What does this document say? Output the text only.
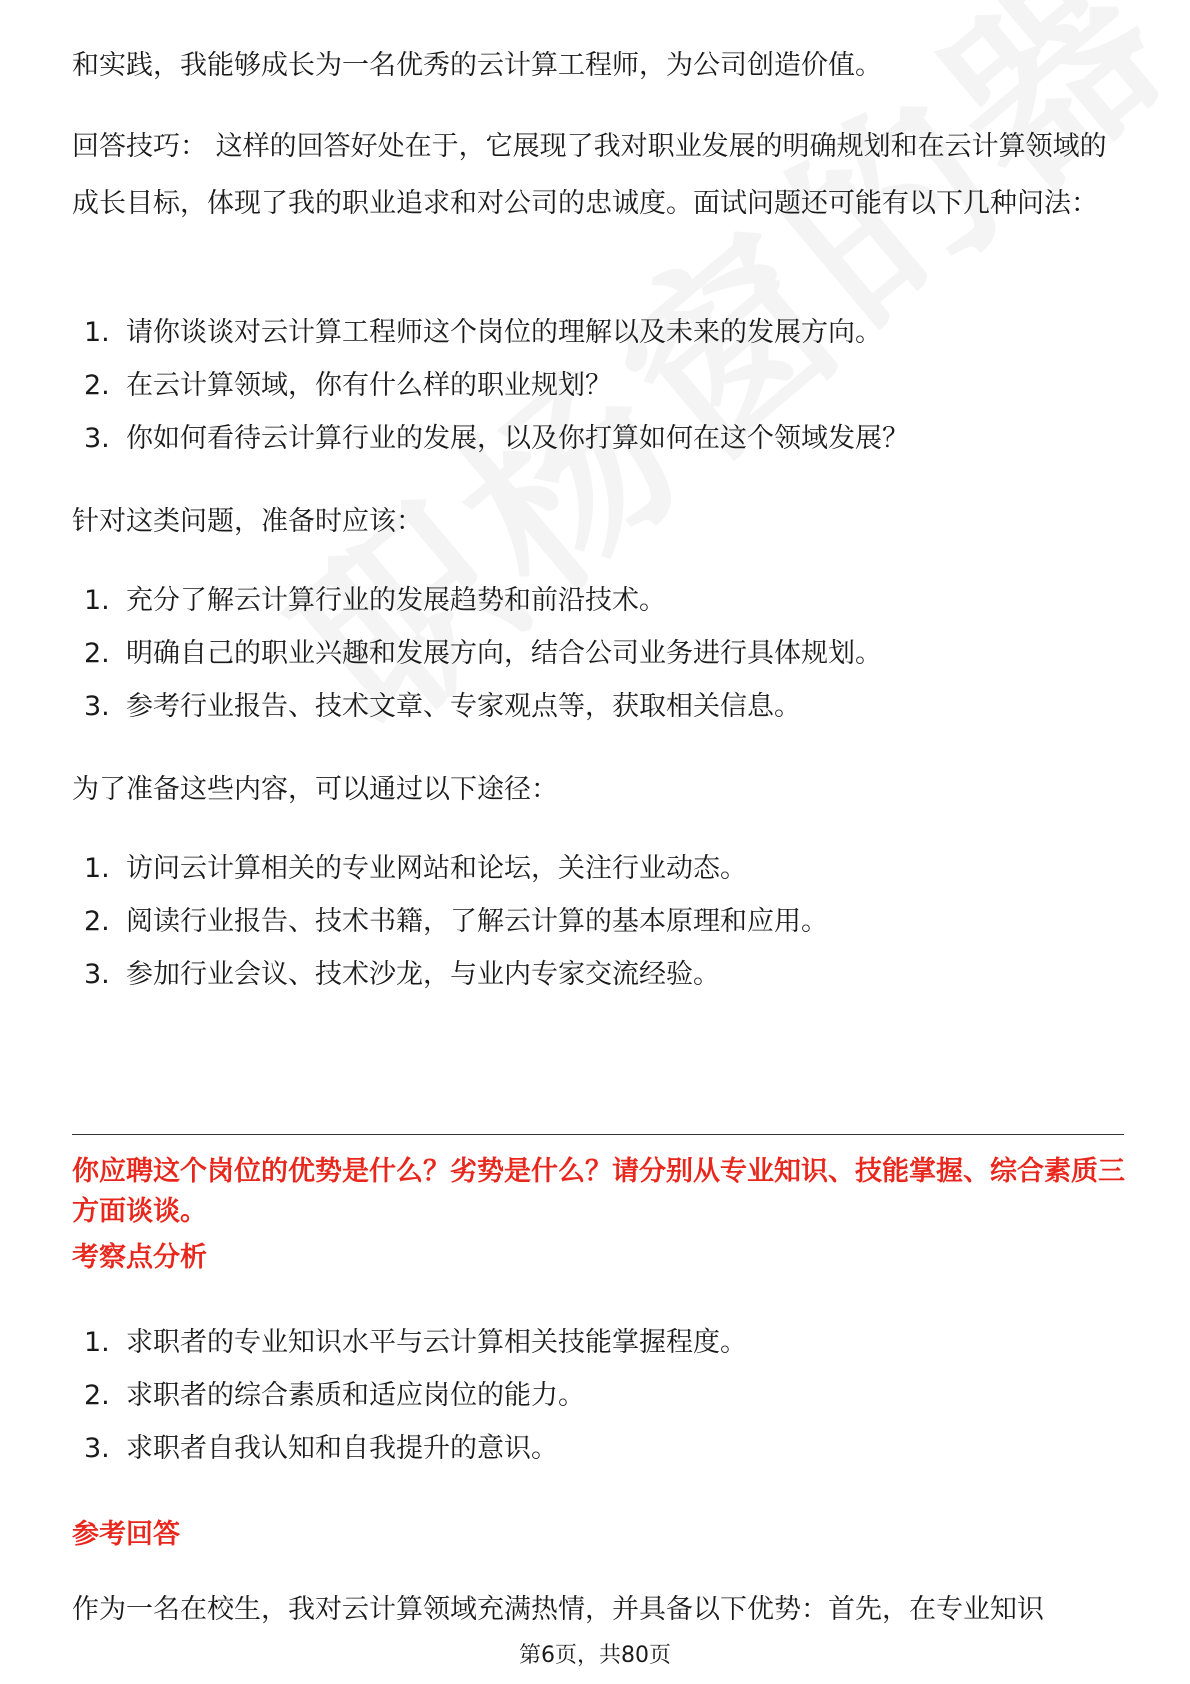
和实践，我能够成长为一名优秀的云计算工程师，为公司创造价值。

回答技巧： 这样的回答好处在于，它展现了我对职业发展的明确规划和在云计算领域的成长目标，体现了我的职业追求和对公司的忠诚度。面试问题还可能有以下几种问法：

1. 请你谈谈对云计算工程师这个岗位的理解以及未来的发展方向。

2. 在云计算领域，你有什么样的职业规划？

3. 你如何看待云计算行业的发展，以及你打算如何在这个领域发展？

针对这类问题，准备时应该：

1. 充分了解云计算行业的发展趋势和前沿技术。

2. 明确自己的职业兴趣和发展方向，结合公司业务进行具体规划。

3. 参考行业报告、技术文章、专家观点等，获取相关信息。

为了准备这些内容，可以通过以下途径：

1. 访问云计算相关的专业网站和论坛，关注行业动态。

2. 阅读行业报告、技术书籍，了解云计算的基本原理和应用。

3. 参加行业会议、技术沙龙，与业内专家交流经验。

你应聘这个岗位的优势是什么？劣势是什么？请分别从专业知识、技能掌握、综合素质三方面谈谈。

考察点分析

1. 求职者的专业知识水平与云计算相关技能掌握程度。

2. 求职者的综合素质和适应岗位的能力。

3. 求职者自我认知和自我提升的意识。

参考回答

作为一名在校生，我对云计算领域充满热情，并具备以下优势：首先，在专业知识

第6页，共80页
